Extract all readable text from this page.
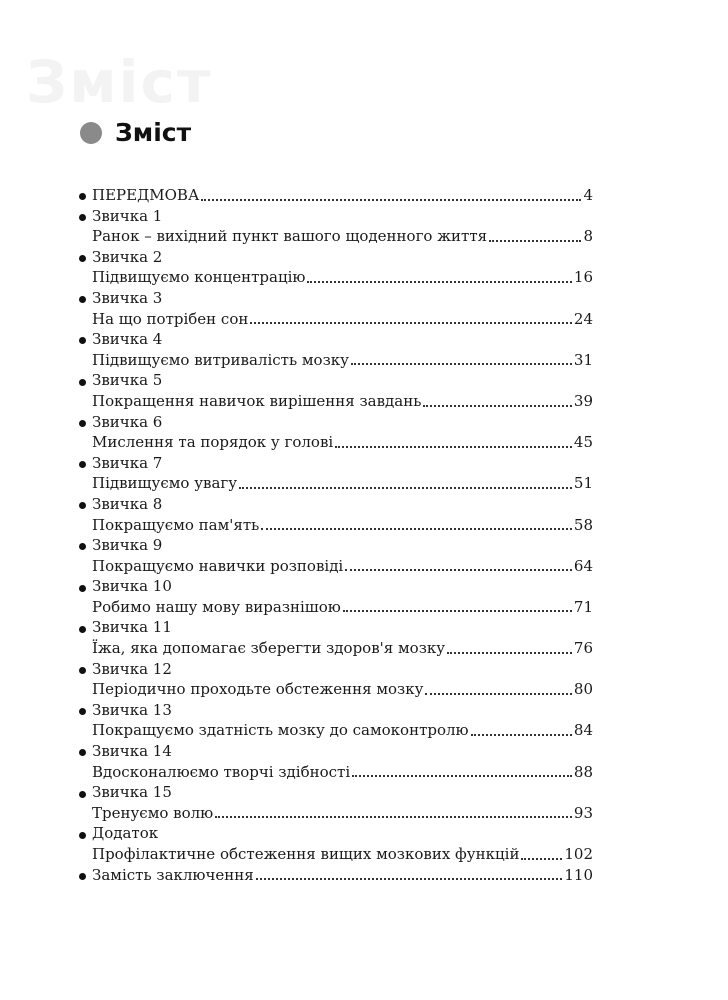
Зміст
Зміст
ПЕРЕДМОВА	4
Звичка 1
Ранок – вихідний пункт вашого щоденного життя	8
Звичка 2
Підвищуємо концентрацію	16
Звичка 3
На що потрібен сон	24
Звичка 4
Підвищуємо витривалість мозку	31
Звичка 5
Покращення навичок вирішення завдань	39
Звичка 6
Мислення та порядок у голові	45
Звичка 7
Підвищуємо увагу	51
Звичка 8
Покращуємо пам'ять	58
Звичка 9
Покращуємо навички розповіді	64
Звичка 10
Робимо нашу мову виразнішою	71
Звичка 11
Їжа, яка допомагає зберегти здоров'я мозку	76
Звичка 12
Періодично проходьте обстеження мозку	80
Звичка 13
Покращуємо здатність мозку до самоконтролю	84
Звичка 14
Вдосконалюємо творчі здібності	88
Звичка 15
Тренуємо волю	93
Додаток
Профілактичне обстеження вищих мозкових функцій	102
Замість заключення	110
